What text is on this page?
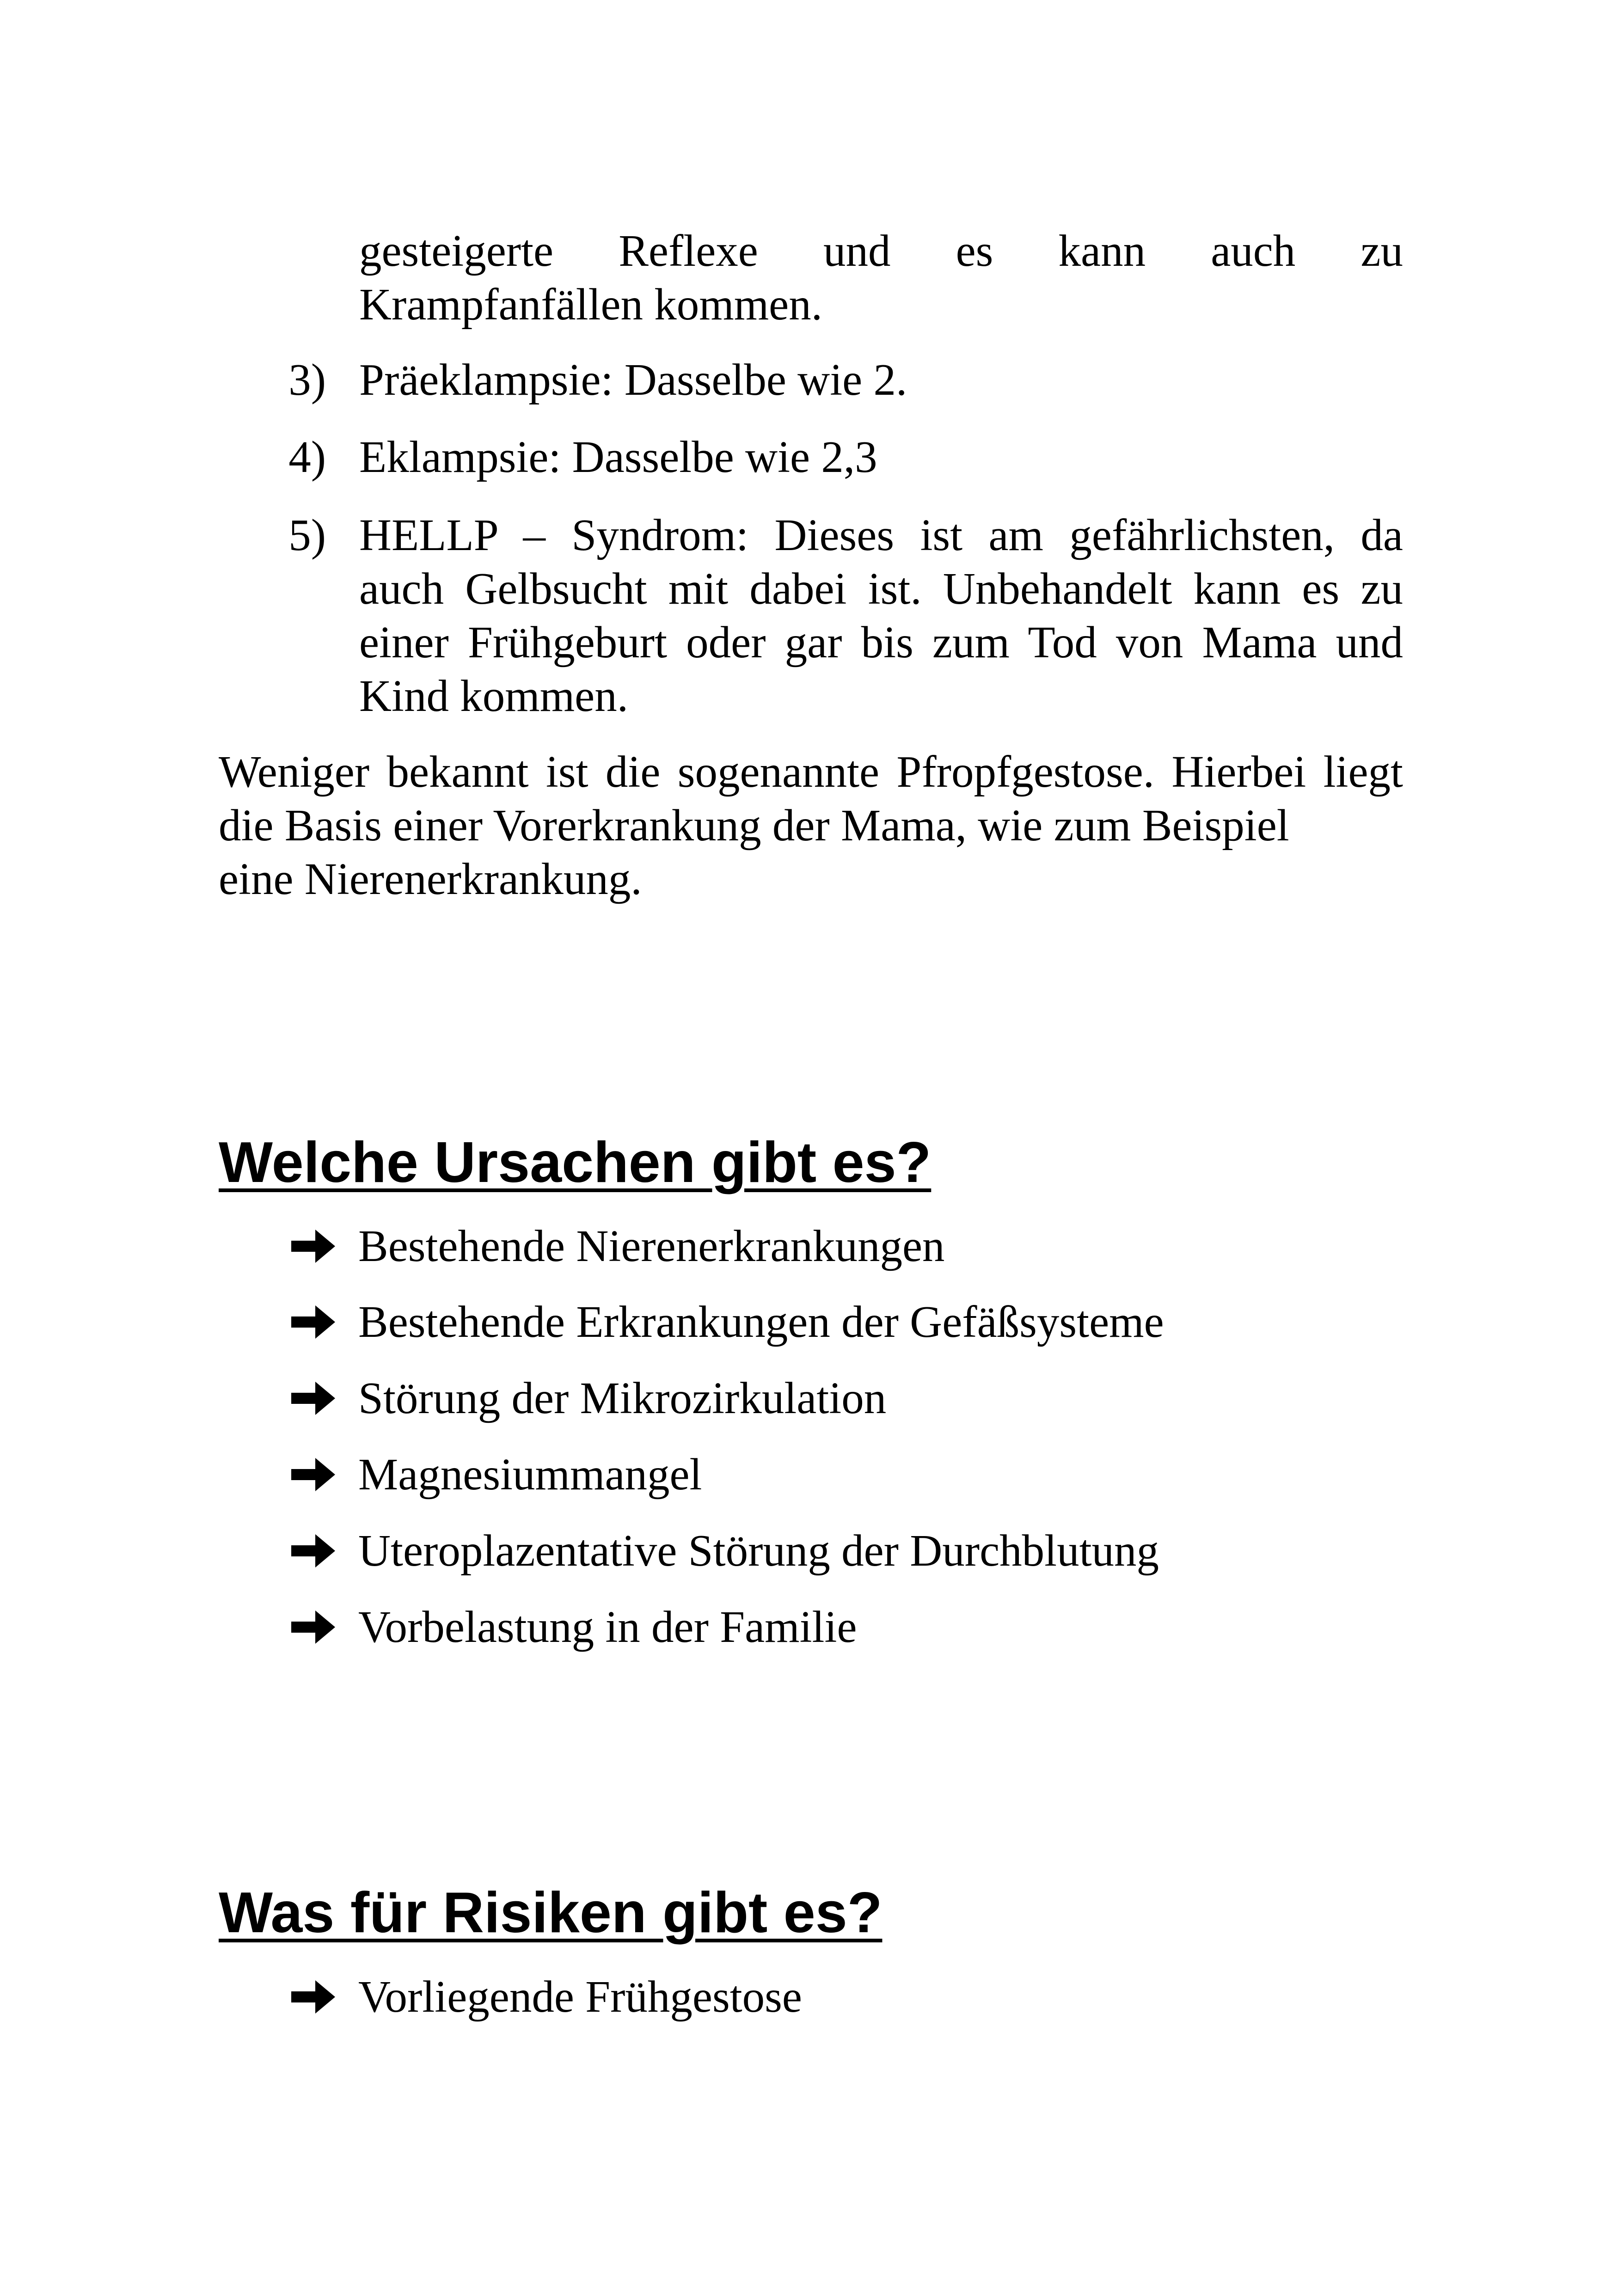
gesteigerte Reflexe und es kann auch zu
Krampfanfällen kommen.
3) Präeklampsie: Dasselbe wie 2.
4) Eklampsie: Dasselbe wie 2,3
5) HELLP – Syndrom: Dieses ist am gefährlichsten, da
auch Gelbsucht mit dabei ist. Unbehandelt kann es zu
einer Frühgeburt oder gar bis zum Tod von Mama und
Kind kommen.
Weniger bekannt ist die sogenannte Pfropfgestose. Hierbei liegt
die Basis einer Vorerkrankung der Mama, wie zum Beispiel
eine Nierenerkrankung.
Welche Ursachen gibt es?
Bestehende Nierenerkrankungen
Bestehende Erkrankungen der Gefäßsysteme
Störung der Mikrozirkulation
Magnesiummangel
Uteroplazentative Störung der Durchblutung
Vorbelastung in der Familie
Was für Risiken gibt es?
Vorliegende Frühgestose
